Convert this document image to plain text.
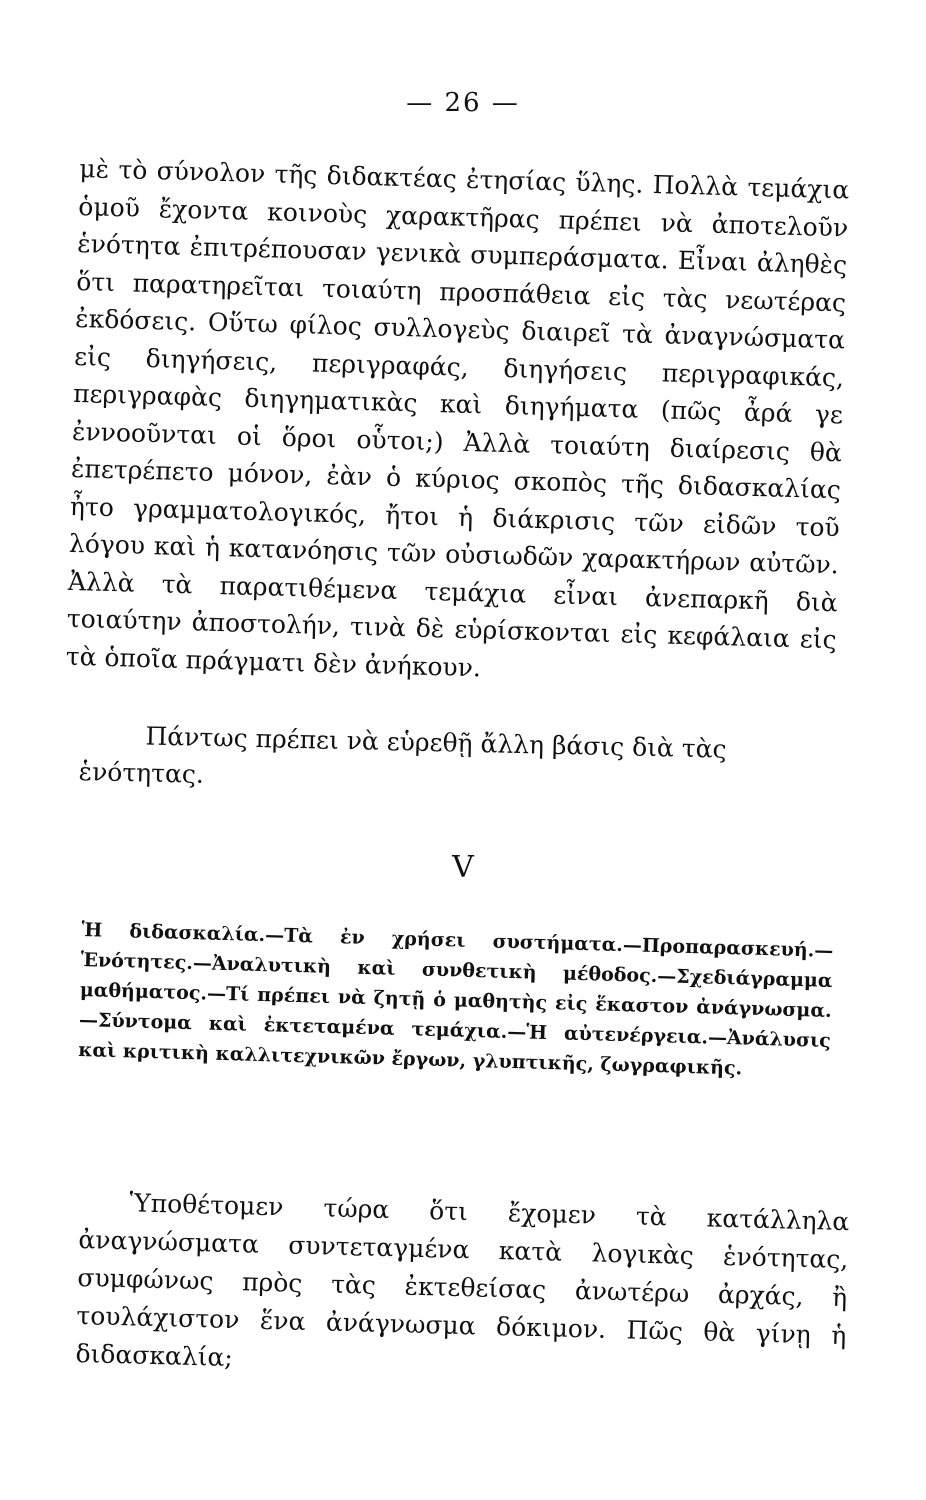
— 26 —

μὲ τὸ σύνολον τῆς διδακτέας ἐτησίας ὕλης. Πολλὰ τεμάχια ὁμοῦ ἔχοντα κοινοὺς χαρακτῆρας πρέπει νὰ ἀποτελοῦν ἑνότητα ἐπιτρέπουσαν γενικὰ συμπεράσματα. Εἶναι ἀληθὲς ὅτι παρατηρεῖται τοιαύτη προσπάθεια εἰς τὰς νεωτέρας ἐκδόσεις. Οὕτω φίλος συλλογεὺς διαιρεῖ τὰ ἀναγνώσματα εἰς διηγήσεις, περιγραφάς, διηγήσεις περιγραφικάς, περιγραφὰς διηγηματικὰς καὶ διηγήματα (πῶς ἆρά γε ἐννοοῦνται οἱ ὅροι οὗτοι;) Ἀλλὰ τοιαύτη διαίρεσις θὰ ἐπετρέπετο μόνον, ἐὰν ὁ κύριος σκοπὸς τῆς διδασκαλίας ἦτο γραμματολογικός, ἤτοι ἡ διάκρισις τῶν εἰδῶν τοῦ λόγου καὶ ἡ κατανόησις τῶν οὐσιωδῶν χαρακτήρων αὐτῶν. Ἀλλὰ τὰ παρατιθέμενα τεμάχια εἶναι ἀνεπαρκῆ διὰ τοιαύτην ἀποστολήν, τινὰ δὲ εὑρίσκονται εἰς κεφάλαια εἰς τὰ ὁποῖα πράγματι δὲν ἀνήκουν.

Πάντως πρέπει νὰ εὑρεθῇ ἄλλη βάσις διὰ τὰς ἑνότητας.

V

Ἡ διδασκαλία.—Τὰ ἐν χρήσει συστήματα.—Προπαρασκευή.—Ἑνότητες.—Ἀναλυτικὴ καὶ συνθετικὴ μέθοδος.—Σχεδιάγραμμα μαθήματος.—Τί πρέπει νὰ ζητῇ ὁ μαθητὴς εἰς ἕκαστον ἀνάγνωσμα.—Σύντομα καὶ ἐκτεταμένα τεμάχια.—Ἡ αὐτενέργεια.—Ἀνάλυσις καὶ κριτικὴ καλλιτεχνικῶν ἔργων, γλυπτικῆς, ζωγραφικῆς.

Ὑποθέτομεν τώρα ὅτι ἔχομεν τὰ κατάλληλα ἀναγνώσματα συντεταγμένα κατὰ λογικὰς ἑνότητας, συμφώνως πρὸς τὰς ἐκτεθείσας ἀνωτέρω ἀρχάς, ἢ τουλάχιστον ἕνα ἀνάγνωσμα δόκιμον. Πῶς θὰ γίνῃ ἡ διδασκαλία;
